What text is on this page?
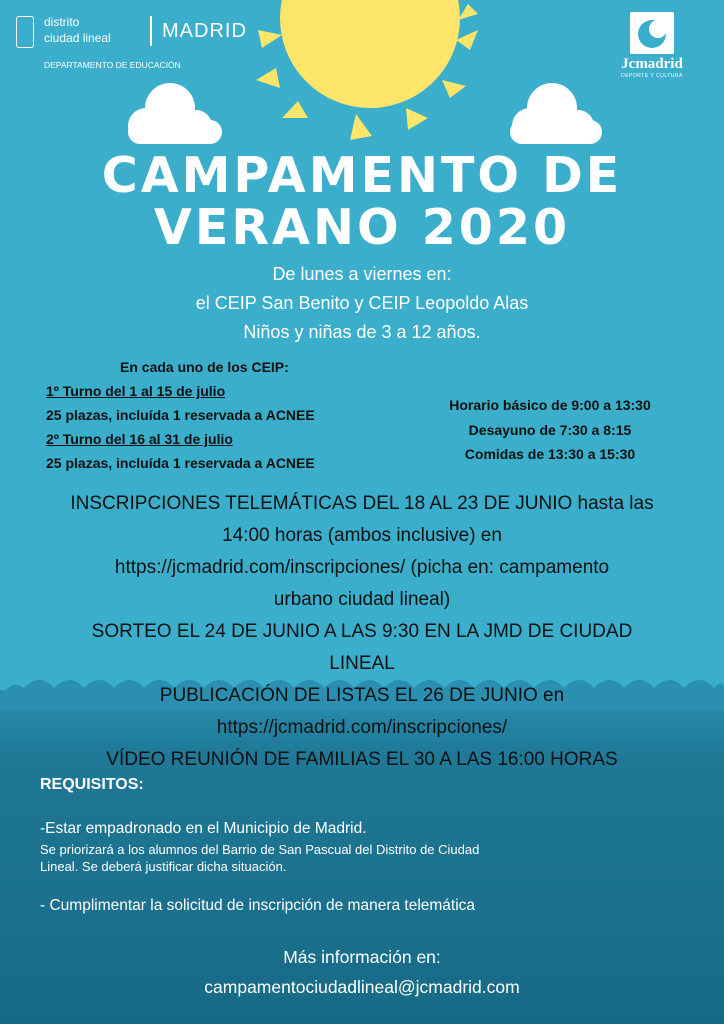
distrito
ciudad lineal	MADRID
DEPARTAMENTO DE EDUCACIÓN	Jcmadrid
DEPORTE Y CULTURA
CAMPAMENTO DE
VERANO 2020
De lunes a viernes en:
el CEIP San Benito y CEIP Leopoldo Alas
Niños y niñas de 3 a 12 años.
En cada uno de los CEIP:
1º Turno del 1 al 15 de julio
25 plazas, incluída 1 reservada a ACNEE
2º Turno del 16 al 31 de julio
25 plazas, incluída 1 reservada a ACNEE
Horario básico de 9:00 a 13:30
Desayuno de 7:30 a 8:15
Comidas de 13:30 a 15:30
INSCRIPCIONES TELEMÁTICAS DEL 18 AL 23 DE JUNIO hasta las
14:00 horas (ambos inclusive) en
https://jcmadrid.com/inscripciones/ (picha en: campamento
urbano ciudad lineal)
SORTEO EL 24 DE JUNIO A LAS 9:30 EN LA JMD DE CIUDAD
LINEAL
PUBLICACIÓN DE LISTAS EL 26 DE JUNIO en
https://jcmadrid.com/inscripciones/
VÍDEO REUNIÓN DE FAMILIAS EL 30 A LAS 16:00 HORAS
REQUISITOS:
-Estar empadronado en el Municipio de Madrid.
Se priorizará a los alumnos del Barrio de San Pascual del Distrito de Ciudad
Lineal. Se deberá justificar dicha situación.
- Cumplimentar la solicitud de inscripción de manera telemática
Más información en:
campamentociudadlineal@jcmadrid.com
